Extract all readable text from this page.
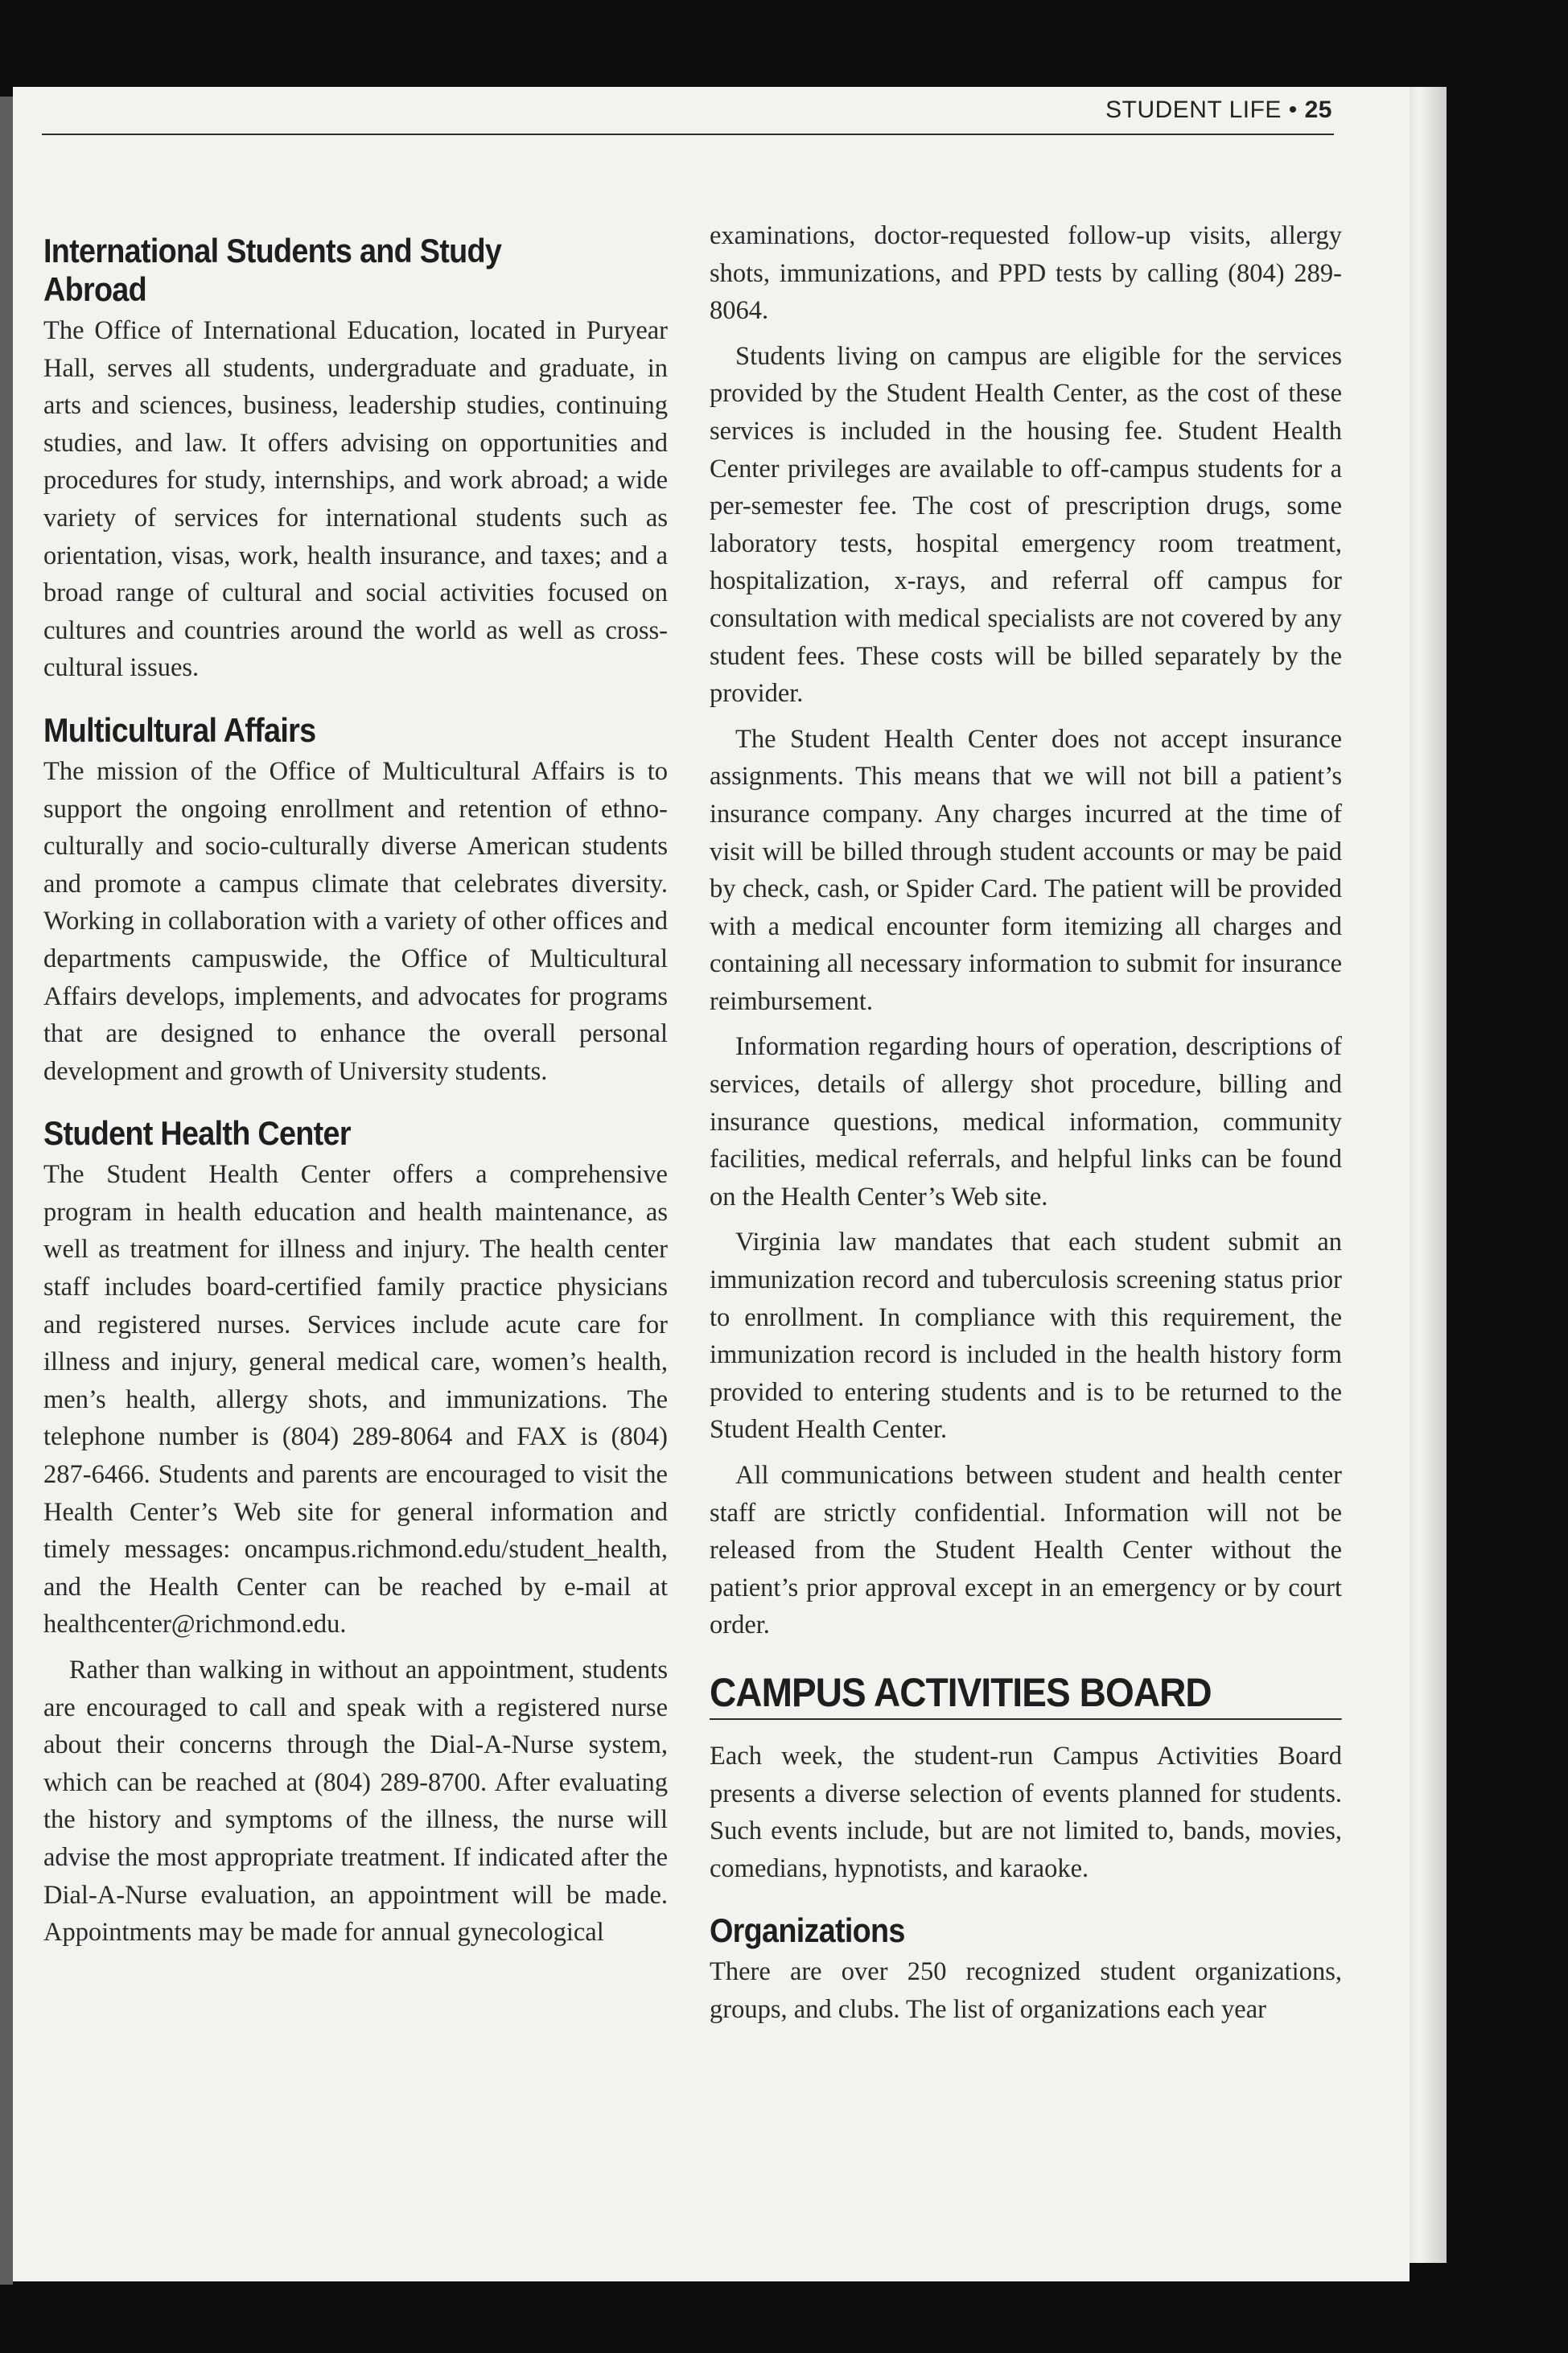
STUDENT LIFE • 25
International Students and Study Abroad

The Office of International Education, located in Puryear Hall, serves all students, undergraduate and graduate, in arts and sciences, business, leadership studies, continuing studies, and law. It offers advising on opportunities and procedures for study, internships, and work abroad; a wide variety of services for international students such as orientation, visas, work, health insurance, and taxes; and a broad range of cultural and social activities focused on cultures and countries around the world as well as cross-cultural issues.

Multicultural Affairs

The mission of the Office of Multicultural Affairs is to support the ongoing enrollment and retention of ethno-culturally and socio-culturally diverse American students and promote a campus climate that celebrates diversity. Working in collaboration with a variety of other offices and departments campuswide, the Office of Multicultural Affairs develops, implements, and advocates for programs that are designed to enhance the overall personal development and growth of University students.

Student Health Center

The Student Health Center offers a comprehensive program in health education and health maintenance, as well as treatment for illness and injury. The health center staff includes board-certified family practice physicians and registered nurses. Services include acute care for illness and injury, general medical care, women’s health, men’s health, allergy shots, and immunizations. The telephone number is (804) 289-8064 and FAX is (804) 287-6466. Students and parents are encouraged to visit the Health Center’s Web site for general information and timely messages: oncampus.richmond.edu/student_health, and the Health Center can be reached by e-mail at healthcenter@richmond.edu.

Rather than walking in without an appointment, students are encouraged to call and speak with a registered nurse about their concerns through the Dial-A-Nurse system, which can be reached at (804) 289-8700. After evaluating the history and symptoms of the illness, the nurse will advise the most appropriate treatment. If indicated after the Dial-A-Nurse evaluation, an appointment will be made. Appointments may be made for annual gynecological

examinations, doctor-requested follow-up visits, allergy shots, immunizations, and PPD tests by calling (804) 289-8064.

Students living on campus are eligible for the services provided by the Student Health Center, as the cost of these services is included in the housing fee. Student Health Center privileges are available to off-campus students for a per-semester fee. The cost of prescription drugs, some laboratory tests, hospital emergency room treatment, hospitalization, x-rays, and referral off campus for consultation with medical specialists are not covered by any student fees. These costs will be billed separately by the provider.

The Student Health Center does not accept insurance assignments. This means that we will not bill a patient’s insurance company. Any charges incurred at the time of visit will be billed through student accounts or may be paid by check, cash, or Spider Card. The patient will be provided with a medical encounter form itemizing all charges and containing all necessary information to submit for insurance reimbursement.

Information regarding hours of operation, descriptions of services, details of allergy shot procedure, billing and insurance questions, medical information, community facilities, medical referrals, and helpful links can be found on the Health Center’s Web site.

Virginia law mandates that each student submit an immunization record and tuberculosis screening status prior to enrollment. In compliance with this requirement, the immunization record is included in the health history form provided to entering students and is to be returned to the Student Health Center.

All communications between student and health center staff are strictly confidential. Information will not be released from the Student Health Center without the patient’s prior approval except in an emergency or by court order.

CAMPUS ACTIVITIES BOARD

Each week, the student-run Campus Activities Board presents a diverse selection of events planned for students. Such events include, but are not limited to, bands, movies, comedians, hypnotists, and karaoke.

Organizations

There are over 250 recognized student organizations, groups, and clubs. The list of organizations each year
